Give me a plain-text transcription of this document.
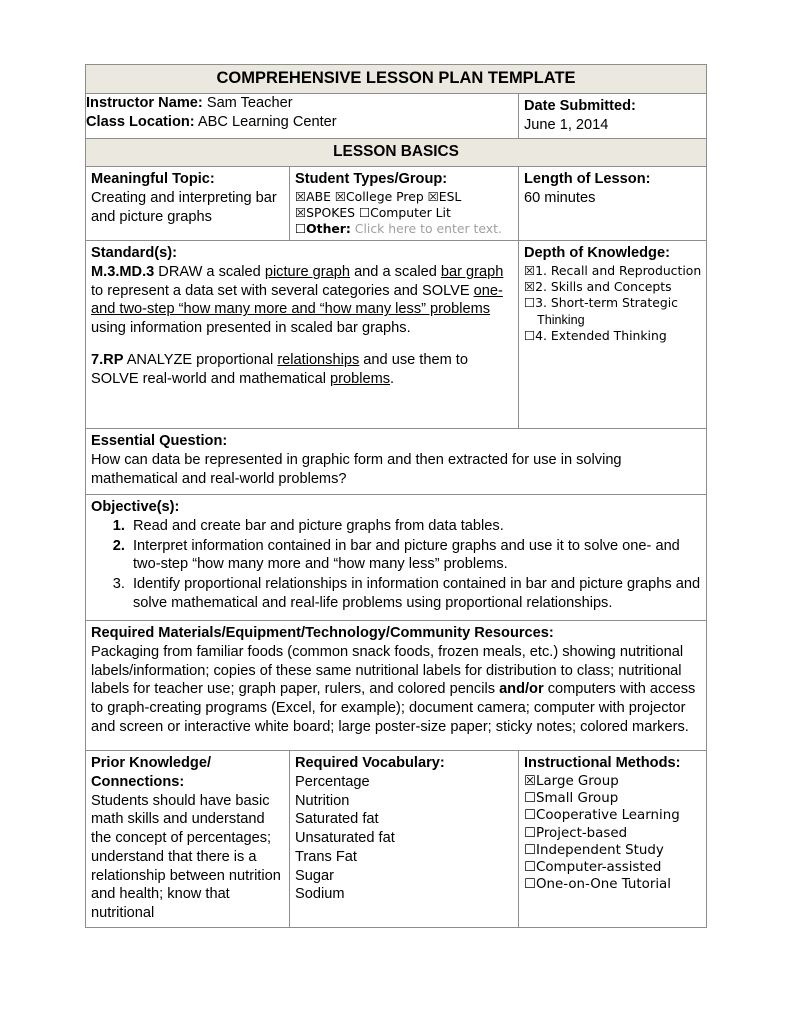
COMPREHENSIVE LESSON PLAN TEMPLATE

Instructor Name: Sam Teacher
Class Location: ABC Learning Center

Date Submitted:
June 1, 2014

LESSON BASICS

Meaningful Topic:
Creating and interpreting bar and picture graphs

Student Types/Group:
☒ABE ☒College Prep ☒ESL
☒SPOKES ☐Computer Lit
☐Other: Click here to enter text.

Length of Lesson:
60 minutes

Standard(s):

M.3.MD.3 DRAW a scaled picture graph and a scaled bar graph to represent a data set with several categories and SOLVE one- and two-step “how many more and “how many less” problems using information presented in scaled bar graphs.

7.RP ANALYZE proportional relationships and use them to SOLVE real-world and mathematical problems.

Depth of Knowledge:
☒1. Recall and Reproduction
☒2. Skills and Concepts
☐3. Short-term Strategic
Thinking
☐4. Extended Thinking

Essential Question:
How can data be represented in graphic form and then extracted for use in solving mathematical and real-world problems?

Objective(s):
1. Read and create bar and picture graphs from data tables.
2. Interpret information contained in bar and picture graphs and use it to solve one- and two-step “how many more and “how many less” problems.
3. Identify proportional relationships in information contained in bar and picture graphs and solve mathematical and real-life problems using proportional relationships.

Required Materials/Equipment/Technology/Community Resources:
Packaging from familiar foods (common snack foods, frozen meals, etc.) showing nutritional labels/information; copies of these same nutritional labels for distribution to class; nutritional labels for teacher use; graph paper, rulers, and colored pencils and/or computers with access to graph-creating programs (Excel, for example); document camera; computer with projector and screen or interactive white board; large poster-size paper; sticky notes; colored markers.

Prior Knowledge/
Connections:
Students should have basic math skills and understand the concept of percentages; understand that there is a relationship between nutrition and health; know that nutritional

Required Vocabulary:
Percentage
Nutrition
Saturated fat
Unsaturated fat
Trans Fat
Sugar
Sodium

Instructional Methods:
☒Large Group
☐Small Group
☐Cooperative Learning
☐Project-based
☐Independent Study
☐Computer-assisted
☐One-on-One Tutorial
